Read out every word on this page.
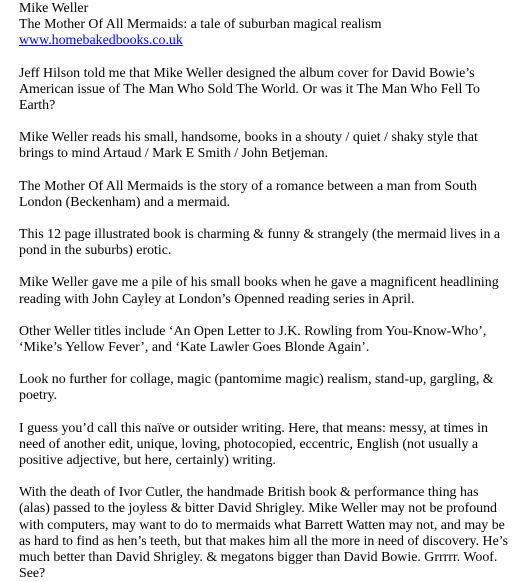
Mike Weller
The Mother Of All Mermaids: a tale of suburban magical realism
www.homebakedbooks.co.uk

Jeff Hilson told me that Mike Weller designed the album cover for David Bowie’s American issue of The Man Who Sold The World. Or was it The Man Who Fell To Earth?

Mike Weller reads his small, handsome, books in a shouty / quiet / shaky style that brings to mind Artaud / Mark E Smith / John Betjeman.

The Mother Of All Mermaids is the story of a romance between a man from South London (Beckenham) and a mermaid.

This 12 page illustrated book is charming & funny & strangely (the mermaid lives in a pond in the suburbs) erotic.

Mike Weller gave me a pile of his small books when he gave a magnificent headlining reading with John Cayley at London’s Openned reading series in April.

Other Weller titles include ‘An Open Letter to J.K. Rowling from You-Know-Who’, ‘Mike’s Yellow Fever’, and ‘Kate Lawler Goes Blonde Again’.

Look no further for collage, magic (pantomime magic) realism, stand-up, gargling, & poetry.

I guess you’d call this naïve or outsider writing. Here, that means: messy, at times in need of another edit, unique, loving, photocopied, eccentric, English (not usually a positive adjective, but here, certainly) writing.

With the death of Ivor Cutler, the handmade British book & performance thing has (alas) passed to the joyless & bitter David Shrigley. Mike Weller may not be profound with computers, may want to do to mermaids what Barrett Watten may not, and may be as hard to find as hen’s teeth, but that makes him all the more in need of discovery. He’s much better than David Shrigley. & megatons bigger than David Bowie. Grrrrr. Woof. See?
